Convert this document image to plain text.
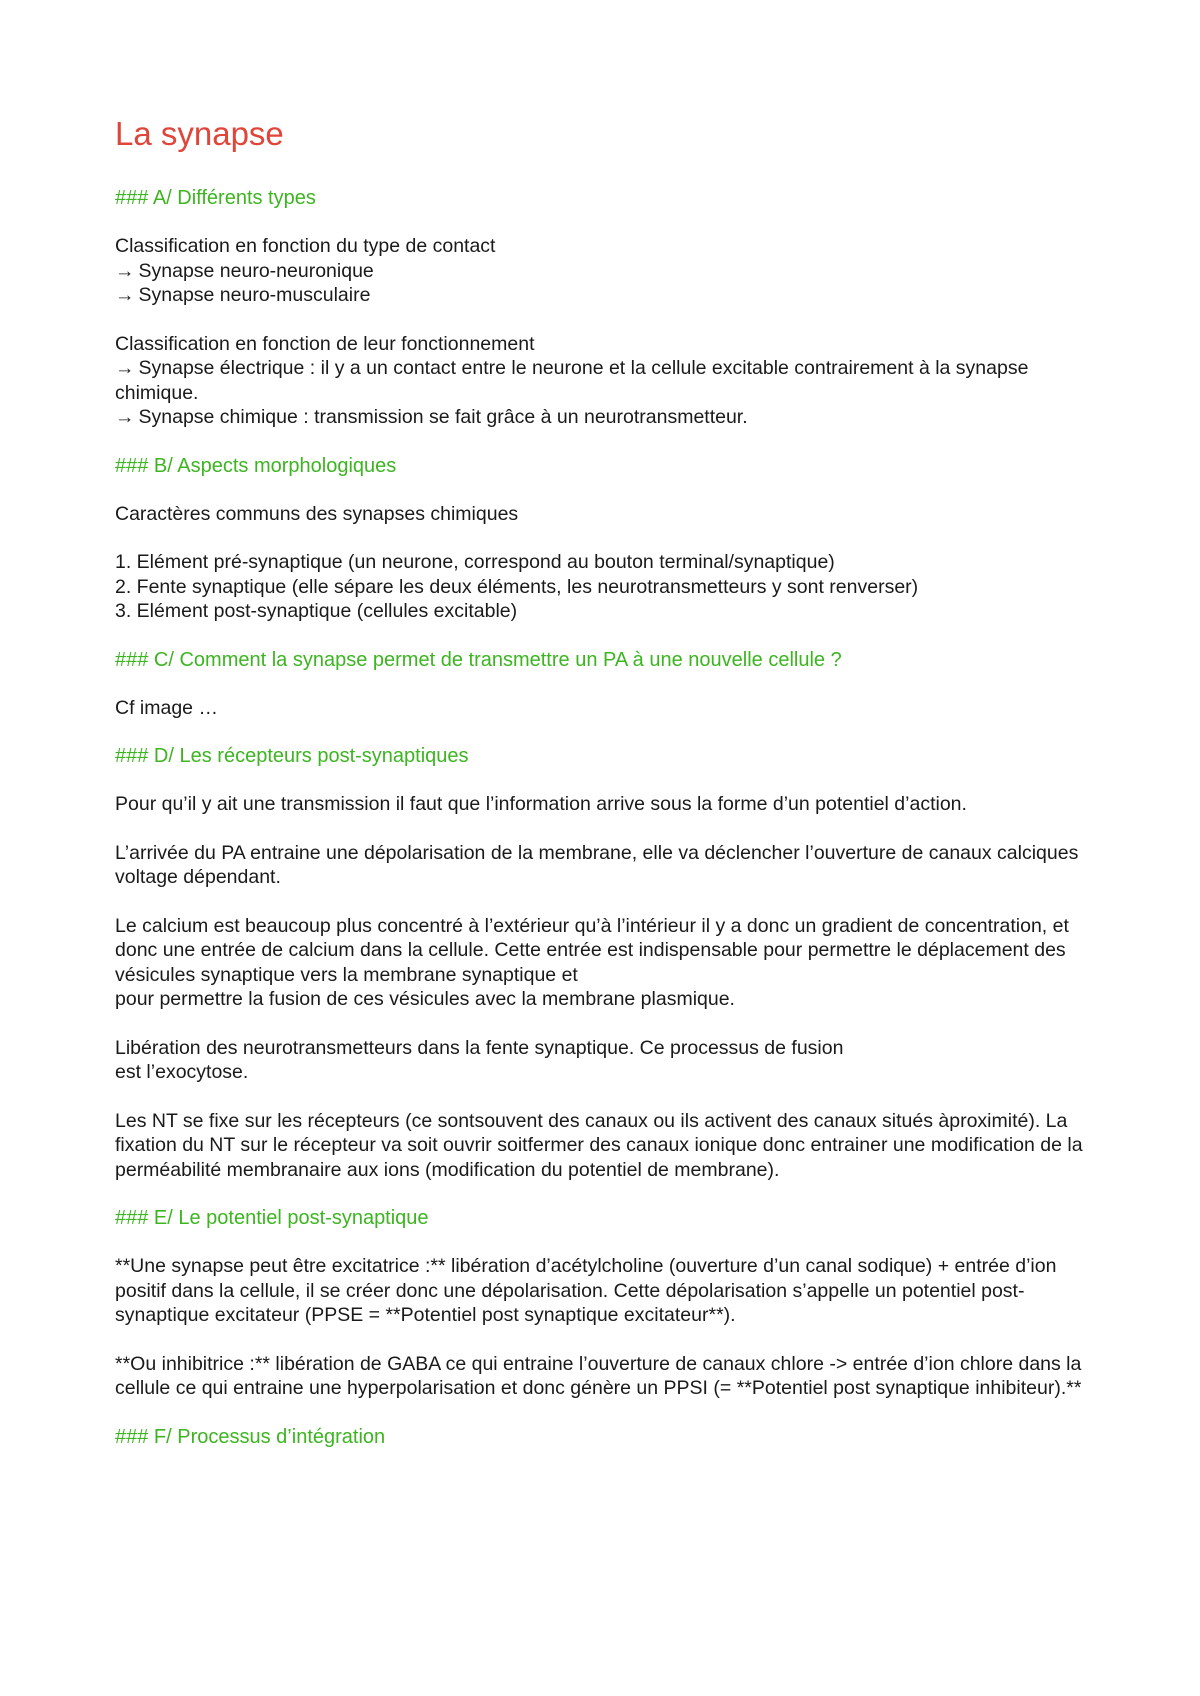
La synapse
### A/ Différents types
Classification en fonction du type de contact
→ Synapse neuro-neuronique
→ Synapse neuro-musculaire
Classification en fonction de leur fonctionnement
→ Synapse électrique : il y a un contact entre le neurone et la cellule excitable contrairement à la synapse chimique.
→ Synapse chimique : transmission se fait grâce à un neurotransmetteur.
### B/ Aspects morphologiques
Caractères communs des synapses chimiques
1. Elément pré-synaptique (un neurone, correspond au bouton terminal/synaptique)
2. Fente synaptique (elle sépare les deux éléments, les neurotransmetteurs y sont renverser)
3. Elément post-synaptique (cellules excitable)
### C/ Comment la synapse permet de transmettre un PA à une nouvelle cellule ?
Cf image …
### D/ Les récepteurs post-synaptiques
Pour qu’il y ait une transmission il faut que l’information arrive sous la forme d’un potentiel d’action.
L’arrivée du PA entraine une dépolarisation de la membrane, elle va déclencher l’ouverture de canaux calciques voltage dépendant.
Le calcium est beaucoup plus concentré à l’extérieur qu’à l’intérieur il y a donc un gradient de concentration, et donc une entrée de calcium dans la cellule. Cette entrée est indispensable pour permettre le déplacement des vésicules synaptique vers la membrane synaptique et
pour permettre la fusion de ces vésicules avec la membrane plasmique.
Libération des neurotransmetteurs dans la fente synaptique. Ce processus de fusion
est l’exocytose.
Les NT se fixe sur les récepteurs (ce sontsouvent des canaux ou ils activent des canaux situés àproximité). La fixation du NT sur le récepteur va soit ouvrir soitfermer des canaux ionique donc entrainer une modification de la perméabilité membranaire aux ions (modification du potentiel de membrane).
### E/ Le potentiel post-synaptique
**Une synapse peut être excitatrice :** libération d’acétylcholine (ouverture d’un canal sodique) + entrée d’ion positif dans la cellule, il se créer donc une dépolarisation. Cette dépolarisation s’appelle un potentiel post-synaptique excitateur (PPSE = **Potentiel post synaptique excitateur**).
**Ou inhibitrice :** libération de GABA ce qui entraine l’ouverture de canaux chlore -> entrée d’ion chlore dans la cellule ce qui entraine une hyperpolarisation et donc génère un PPSI (= **Potentiel post synaptique inhibiteur).**
### F/ Processus d’intégration
